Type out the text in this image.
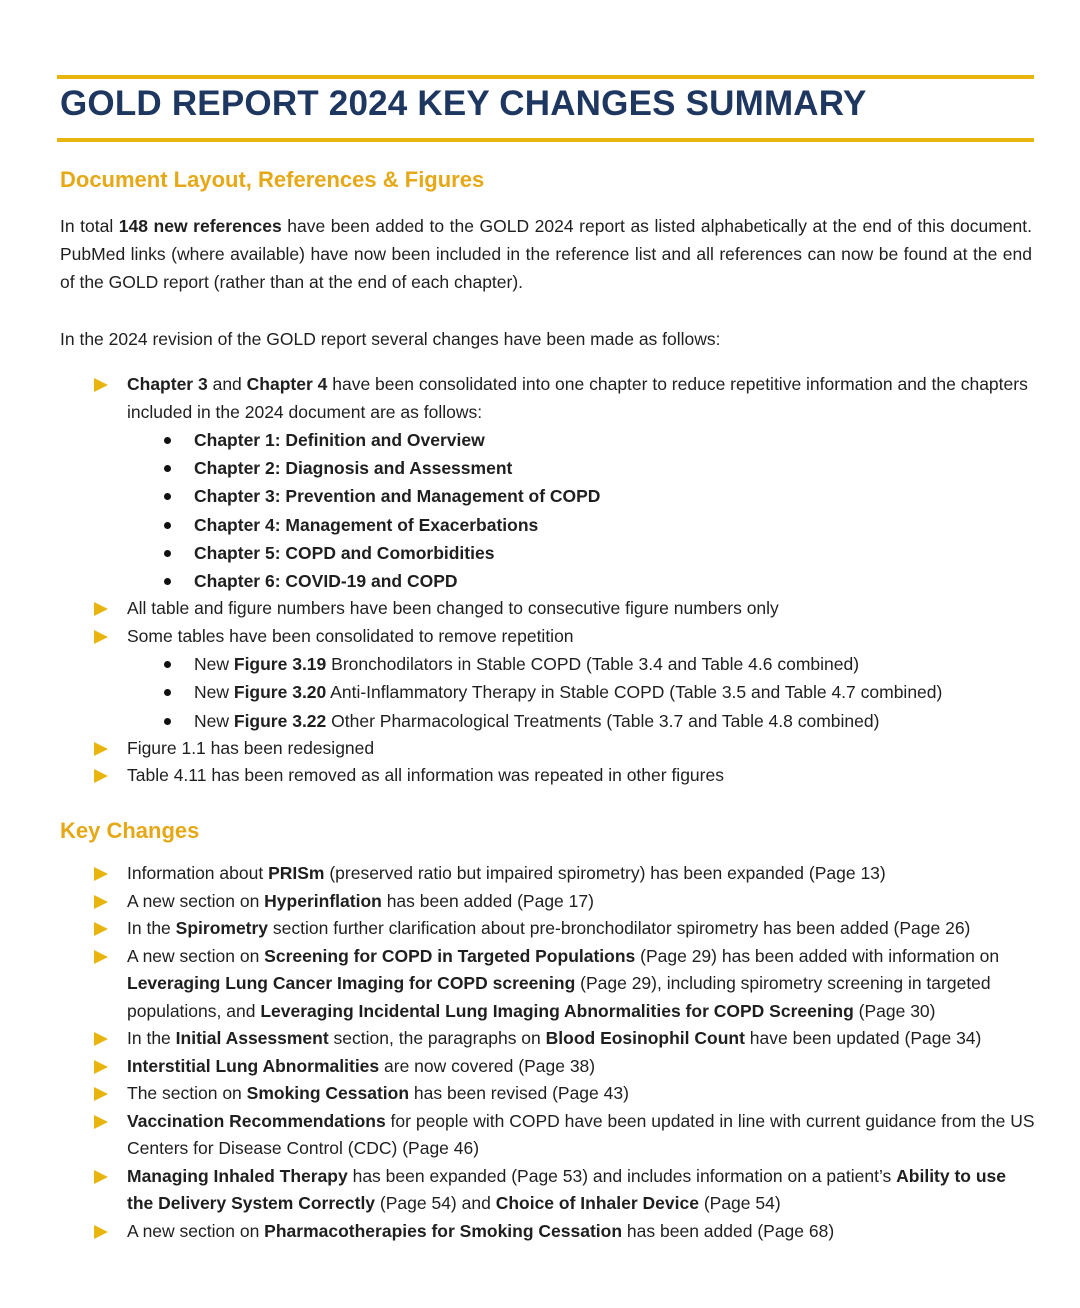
GOLD REPORT 2024 KEY CHANGES SUMMARY
Document Layout, References & Figures

In total 148 new references have been added to the GOLD 2024 report as listed alphabetically at the end of this document. PubMed links (where available) have now been included in the reference list and all references can now be found at the end of the GOLD report (rather than at the end of each chapter).

In the 2024 revision of the GOLD report several changes have been made as follows:

Chapter 3 and Chapter 4 have been consolidated into one chapter to reduce repetitive information and the chapters included in the 2024 document are as follows:
Chapter 1: Definition and Overview
Chapter 2: Diagnosis and Assessment
Chapter 3: Prevention and Management of COPD
Chapter 4: Management of Exacerbations
Chapter 5: COPD and Comorbidities
Chapter 6: COVID-19 and COPD
All table and figure numbers have been changed to consecutive figure numbers only
Some tables have been consolidated to remove repetition
New Figure 3.19 Bronchodilators in Stable COPD (Table 3.4 and Table 4.6 combined)
New Figure 3.20 Anti-Inflammatory Therapy in Stable COPD (Table 3.5 and Table 4.7 combined)
New Figure 3.22 Other Pharmacological Treatments (Table 3.7 and Table 4.8 combined)
Figure 1.1 has been redesigned
Table 4.11 has been removed as all information was repeated in other figures
Key Changes
Information about PRISm (preserved ratio but impaired spirometry) has been expanded (Page 13)
A new section on Hyperinflation has been added (Page 17)
In the Spirometry section further clarification about pre-bronchodilator spirometry has been added (Page 26)
A new section on Screening for COPD in Targeted Populations (Page 29) has been added with information on Leveraging Lung Cancer Imaging for COPD screening (Page 29), including spirometry screening in targeted populations, and Leveraging Incidental Lung Imaging Abnormalities for COPD Screening (Page 30)
In the Initial Assessment section, the paragraphs on Blood Eosinophil Count have been updated (Page 34)
Interstitial Lung Abnormalities are now covered (Page 38)
The section on Smoking Cessation has been revised (Page 43)
Vaccination Recommendations for people with COPD have been updated in line with current guidance from the US Centers for Disease Control (CDC) (Page 46)
Managing Inhaled Therapy has been expanded (Page 53) and includes information on a patient’s Ability to use the Delivery System Correctly (Page 54) and Choice of Inhaler Device (Page 54)
A new section on Pharmacotherapies for Smoking Cessation has been added (Page 68)
